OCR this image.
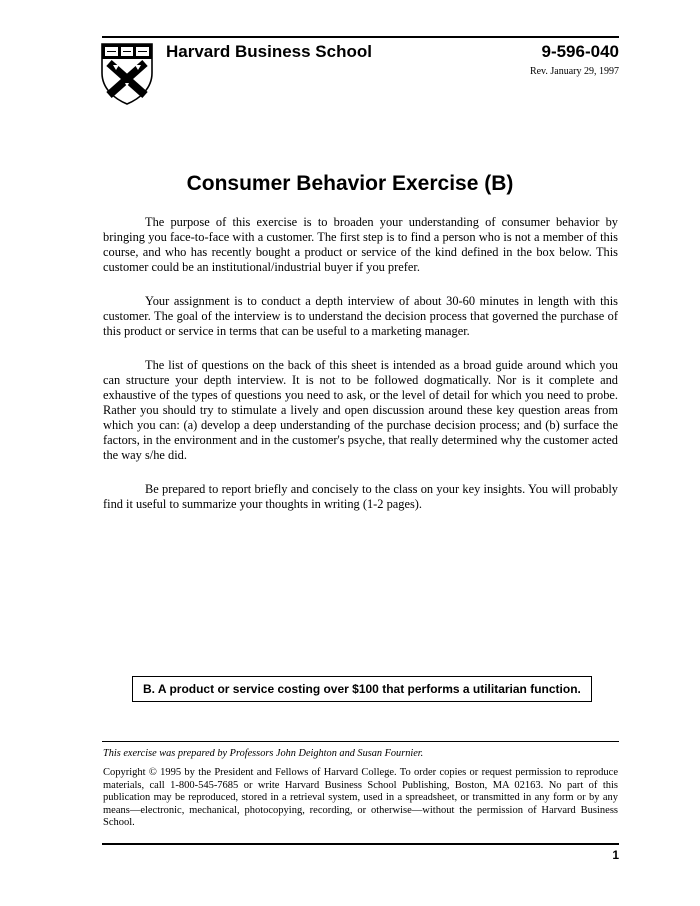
Harvard Business School	9-596-040
Rev. January 29, 1997
Consumer Behavior Exercise (B)

The purpose of this exercise is to broaden your understanding of consumer behavior by bringing you face-to-face with a customer. The first step is to find a person who is not a member of this course, and who has recently bought a product or service of the kind defined in the box below. This customer could be an institutional/industrial buyer if you prefer.

Your assignment is to conduct a depth interview of about 30-60 minutes in length with this customer. The goal of the interview is to understand the decision process that governed the purchase of this product or service in terms that can be useful to a marketing manager.

The list of questions on the back of this sheet is intended as a broad guide around which you can structure your depth interview. It is not to be followed dogmatically. Nor is it complete and exhaustive of the types of questions you need to ask, or the level of detail for which you need to probe. Rather you should try to stimulate a lively and open discussion around these key question areas from which you can: (a) develop a deep understanding of the purchase decision process; and (b) surface the factors, in the environment and in the customer's psyche, that really determined why the customer acted the way s/he did.

Be prepared to report briefly and concisely to the class on your key insights. You will probably find it useful to summarize your thoughts in writing (1-2 pages).

B. A product or service costing over $100 that performs a utilitarian function.
This exercise was prepared by Professors John Deighton and Susan Fournier.
Copyright © 1995 by the President and Fellows of Harvard College. To order copies or request permission to reproduce materials, call 1-800-545-7685 or write Harvard Business School Publishing, Boston, MA 02163. No part of this publication may be reproduced, stored in a retrieval system, used in a spreadsheet, or transmitted in any form or by any means—electronic, mechanical, photocopying, recording, or otherwise—without the permission of Harvard Business School.
1
